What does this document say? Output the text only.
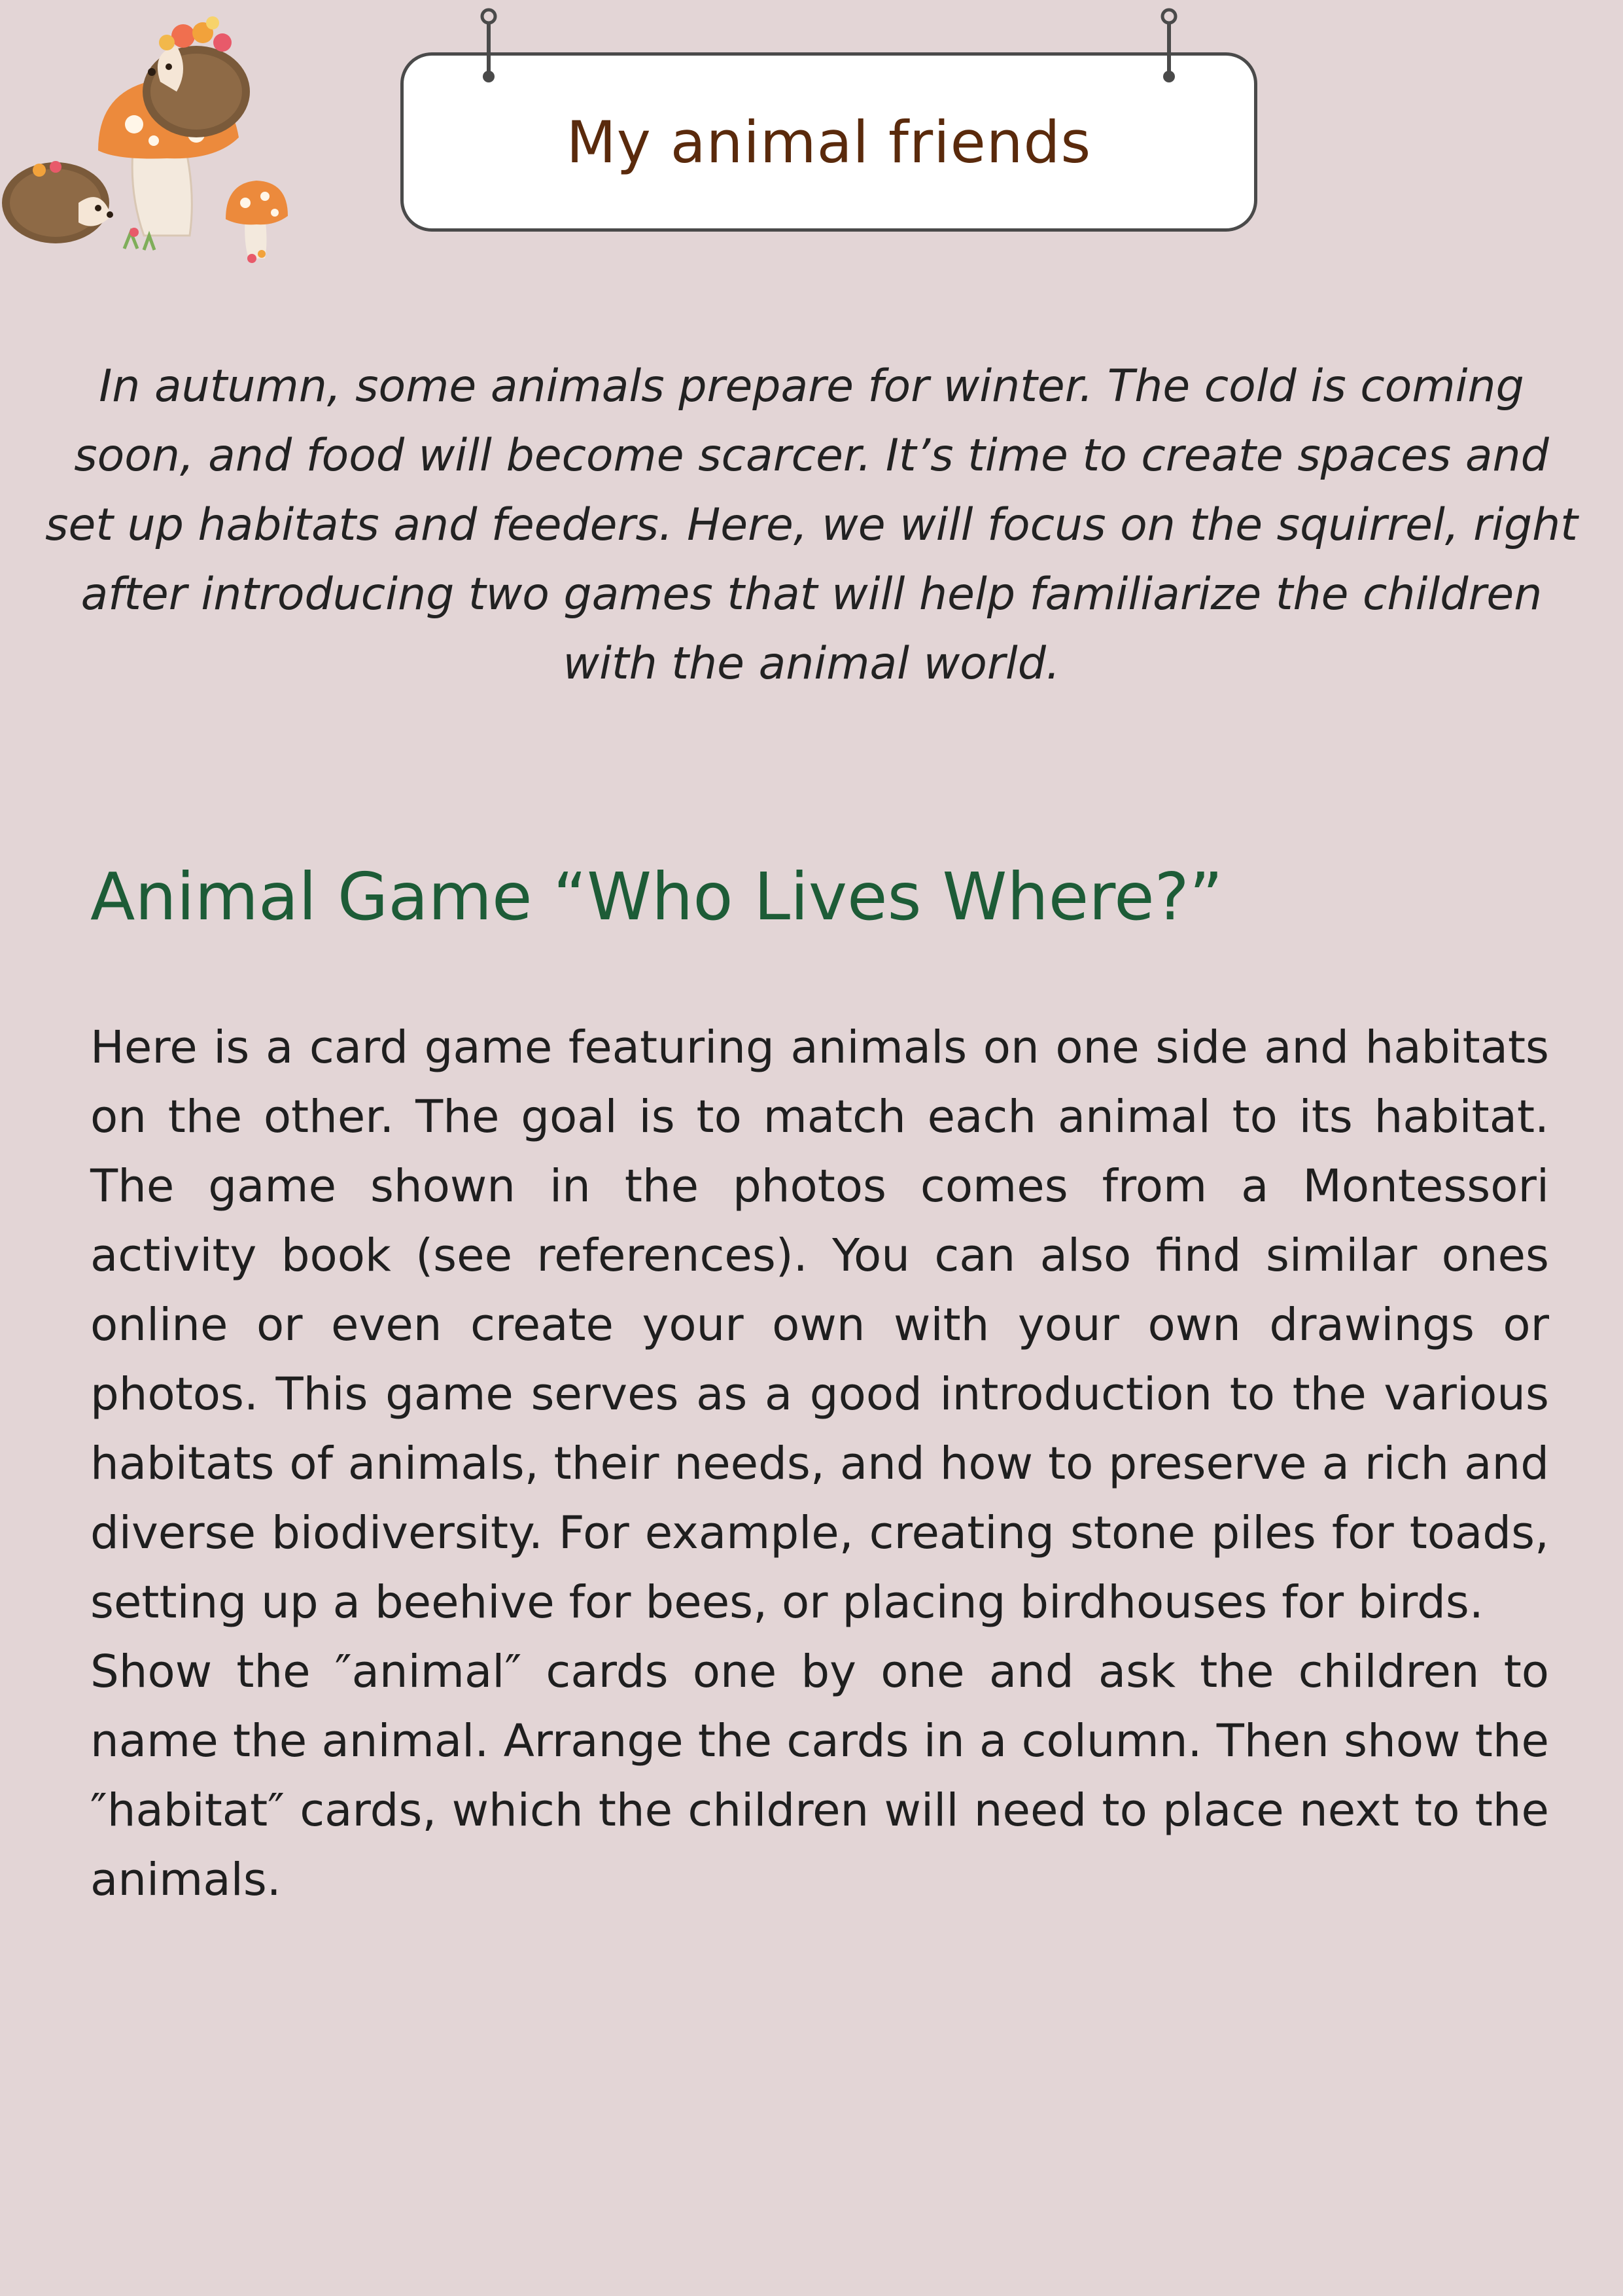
My animal friends

In autumn, some animals prepare for winter. The cold is coming soon, and food will become scarcer. It’s time to create spaces and set up habitats and feeders. Here, we will focus on the squirrel, right after introducing two games that will help familiarize the children with the animal world.

Animal Game “Who Lives Where?”

Here is a card game featuring animals on one side and habitats on the other. The goal is to match each animal to its habitat. The game shown in the photos comes from a Montessori activity book (see references). You can also find similar ones online or even create your own with your own drawings or photos. This game serves as a good introduction to the various habitats of animals, their needs, and how to preserve a rich and diverse biodiversity. For example, creating stone piles for toads, setting up a beehive for bees, or placing birdhouses for birds.

Show the ″animal″ cards one by one and ask the children to name the animal. Arrange the cards in a column. Then show the ″habitat″ cards, which the children will need to place next to the animals.
